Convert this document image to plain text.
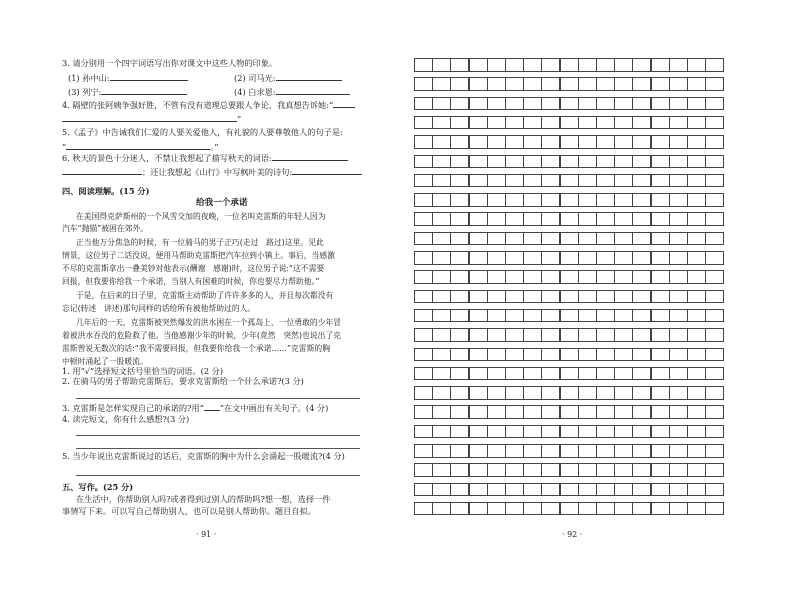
3. 请分别用一个四字词语写出你对课文中这些人物的印象。
(1) 孙中山:	(2) 司马光:
(3) 列宁:	(4) 白求恩:
4. 隔壁的张阿姨争强好胜，不管有没有道理总要跟人争论，我真想告诉她:“
”
5.《孟子》中告诫我们仁爱的人要关爱他人，有礼貌的人要尊敬他人的句子是:
“	。”
6. 秋天的景色十分迷人，不禁让我想起了描写秋天的词语:
；还让我想起《山行》中写枫叶美的诗句:
四、阅读理解。(15 分)
给我一个承诺
在美国得克萨斯州的一个风雪交加的夜晚，一位名叫克雷斯的年轻人因为
汽车“抛锚”被困在郊外。
正当他万分焦急的时候，有一位骑马的男子正巧(走过　路过)这里。见此
情景，这位男子二话没说，便用马帮助克雷斯把汽车拉到小镇上。事后，当感激
不尽的克雷斯拿出一叠美钞对他表示(酬谢　感谢)时，这位男子说:“这不需要
回报，但我要你给我一个承诺，当别人有困难的时候，你也要尽力帮助他。”
于是，在后来的日子里，克雷斯主动帮助了许许多多的人，并且每次都没有
忘记(转述　讲述)那句同样的话给所有被他帮助过的人。
几年后的一天，克雷斯被突然爆发的洪水困在一个孤岛上，一位勇敢的少年冒
着被洪水吞没的危险救了他。当他感谢少年的时候，少年(竟然　突然)也说出了克
雷斯曾说无数次的话:“我不需要回报，但我要你给我一个承诺……”克雷斯的胸
中顿时涌起了一股暖流。
1. 用“√”选择短文括号里恰当的词语。(2 分)
2. 在骑马的男子帮助克雷斯后，要求克雷斯给一个什么承诺?(3 分)
3. 克雷斯是怎样实现自己的承诺的?用“ ”在文中画出有关句子。(4 分)
4. 读完短文，你有什么感想?(3 分)
5. 当少年说出克雷斯说过的话后，克雷斯的胸中为什么会涌起一股暖流?(4 分)
五、写作。(25 分)
在生活中，你帮助别人吗?或者得到过别人的帮助吗?想一想，选择一件
事情写下来。可以写自己帮助别人，也可以是别人帮助你。题目自拟。
· 91 ·	· 92 ·
